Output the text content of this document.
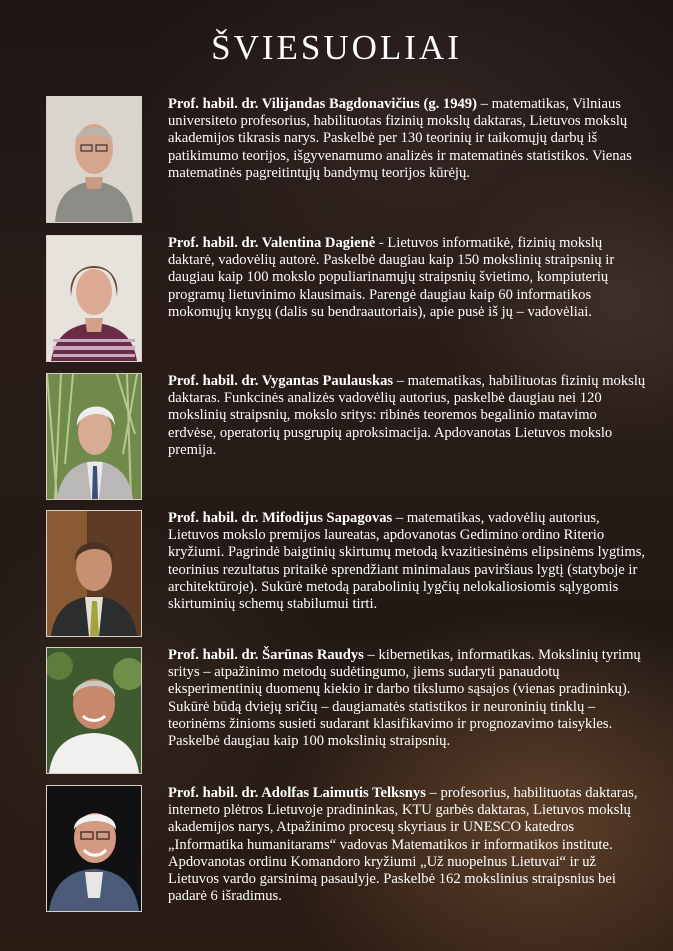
ŠVIESUOLIAI

Prof. habil. dr. Vilijandas Bagdonavičius (g. 1949) – matematikas, Vilniaus universiteto profesorius, habilituotas fizinių mokslų daktaras, Lietuvos mokslų akademijos tikrasis narys. Paskelbė per 130 teorinių ir taikomųjų darbų iš patikimumo teorijos, išgyvenamumo analizės ir matematinės statistikos. Vienas matematinės pagreitintųjų bandymų teorijos kūrėjų.

Prof. habil. dr. Valentina Dagienė - Lietuvos informatikė, fizinių mokslų daktarė, vadovėlių autorė. Paskelbė daugiau kaip 150 mokslinių straipsnių ir daugiau kaip 100 mokslo populiarinamųjų straipsnių švietimo, kompiuterių programų lietuvinimo klausimais. Parengė daugiau kaip 60 informatikos mokomųjų knygų (dalis su bendraautoriais), apie pusė iš jų – vadovėliai.

Prof. habil. dr. Vygantas Paulauskas – matematikas, habilituotas fizinių mokslų daktaras. Funkcinės analizės vadovėlių autorius, paskelbė daugiau nei 120 mokslinių straipsnių, mokslo sritys: ribinės teoremos begalinio matavimo erdvėse, operatorių pusgrupių aproksimacija. Apdovanotas Lietuvos mokslo premija.

Prof. habil. dr. Mifodijus Sapagovas – matematikas, vadovėlių autorius, Lietuvos mokslo premijos laureatas, apdovanotas Gedimino ordino Riterio kryžiumi. Pagrindė baigtinių skirtumų metodą kvazitiesinėms elipsinėms lygtims, teorinius rezultatus pritaikė sprendžiant minimalaus paviršiaus lygtį (statyboje ir architektūroje). Sukūrė metodą parabolinių lygčių nelokaliosiomis sąlygomis skirtuminių schemų stabilumui tirti.

Prof. habil. dr. Šarūnas Raudys – kibernetikas, informatikas. Mokslinių tyrimų sritys – atpažinimo metodų sudėtingumo, jiems sudaryti panaudotų eksperimentinių duomenų kiekio ir darbo tikslumo sąsajos (vienas pradininkų). Sukūrė būdą dviejų sričių – daugiamatės statistikos ir neuroninių tinklų – teorinėms žinioms susieti sudarant klasifikavimo ir prognozavimo taisykles. Paskelbė daugiau kaip 100 mokslinių straipsnių.

Prof. habil. dr. Adolfas Laimutis Telksnys – profesorius, habilituotas daktaras, interneto plėtros Lietuvoje pradininkas, KTU garbės daktaras, Lietuvos mokslų akademijos narys, Atpažinimo procesų skyriaus ir UNESCO katedros „Informatika humanitarams“ vadovas Matematikos ir informatikos institute. Apdovanotas ordinu Komandoro kryžiumi „Už nuopelnus Lietuvai“ ir už Lietuvos vardo garsinimą pasaulyje. Paskelbė 162 mokslinius straipsnius bei padarė 6 išradimus.
